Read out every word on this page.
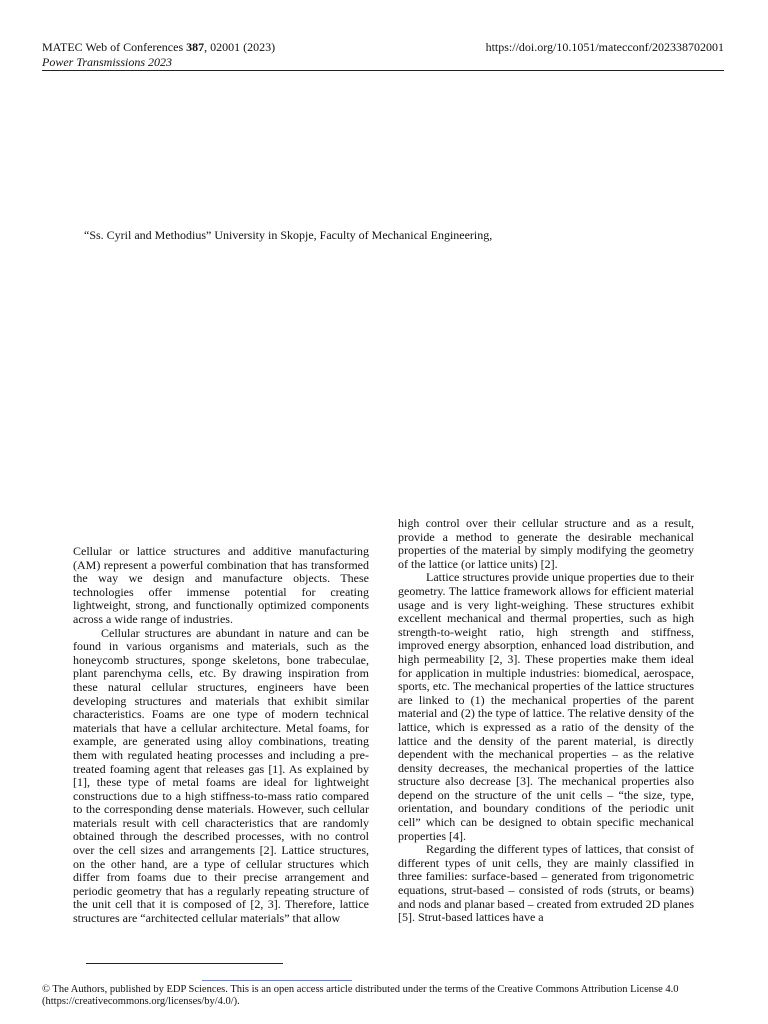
MATEC Web of Conferences 387, 02001 (2023)
Power Transmissions 2023
https://doi.org/10.1051/matecconf/202338702001
“Ss. Cyril and Methodius” University in Skopje, Faculty of Mechanical Engineering,

Cellular or lattice structures and additive manufacturing (AM) represent a powerful combination that has transformed the way we design and manufacture objects. These technologies offer immense potential for creating lightweight, strong, and functionally optimized components across a wide range of industries.

Cellular structures are abundant in nature and can be found in various organisms and materials, such as the honeycomb structures, sponge skeletons, bone trabeculae, plant parenchyma cells, etc. By drawing inspiration from these natural cellular structures, engineers have been developing structures and materials that exhibit similar characteristics. Foams are one type of modern technical materials that have a cellular architecture. Metal foams, for example, are generated using alloy combinations, treating them with regulated heating processes and including a pre-treated foaming agent that releases gas [1]. As explained by [1], these type of metal foams are ideal for lightweight constructions due to a high stiffness-to-mass ratio compared to the corresponding dense materials. However, such cellular materials result with cell characteristics that are randomly obtained through the described processes, with no control over the cell sizes and arrangements [2]. Lattice structures, on the other hand, are a type of cellular structures which differ from foams due to their precise arrangement and periodic geometry that has a regularly repeating structure of the unit cell that it is composed of [2, 3]. Therefore, lattice structures are “architected cellular materials” that allow

high control over their cellular structure and as a result, provide a method to generate the desirable mechanical properties of the material by simply modifying the geometry of the lattice (or lattice units) [2].

Lattice structures provide unique properties due to their geometry. The lattice framework allows for efficient material usage and is very light-weighing. These structures exhibit excellent mechanical and thermal properties, such as high strength-to-weight ratio, high strength and stiffness, improved energy absorption, enhanced load distribution, and high permeability [2, 3]. These properties make them ideal for application in multiple industries: biomedical, aerospace, sports, etc. The mechanical properties of the lattice structures are linked to (1) the mechanical properties of the parent material and (2) the type of lattice. The relative density of the lattice, which is expressed as a ratio of the density of the lattice and the density of the parent material, is directly dependent with the mechanical properties – as the relative density decreases, the mechanical properties of the lattice structure also decrease [3]. The mechanical properties also depend on the structure of the unit cells – “the size, type, orientation, and boundary conditions of the periodic unit cell” which can be designed to obtain specific mechanical properties [4].

Regarding the different types of lattices, that consist of different types of unit cells, they are mainly classified in three families: surface-based – generated from trigonometric equations, strut-based – consisted of rods (struts, or beams) and nods and planar based – created from extruded 2D planes [5]. Strut-based lattices have a

© The Authors, published by EDP Sciences. This is an open access article distributed under the terms of the Creative Commons Attribution License 4.0
(https://creativecommons.org/licenses/by/4.0/).
